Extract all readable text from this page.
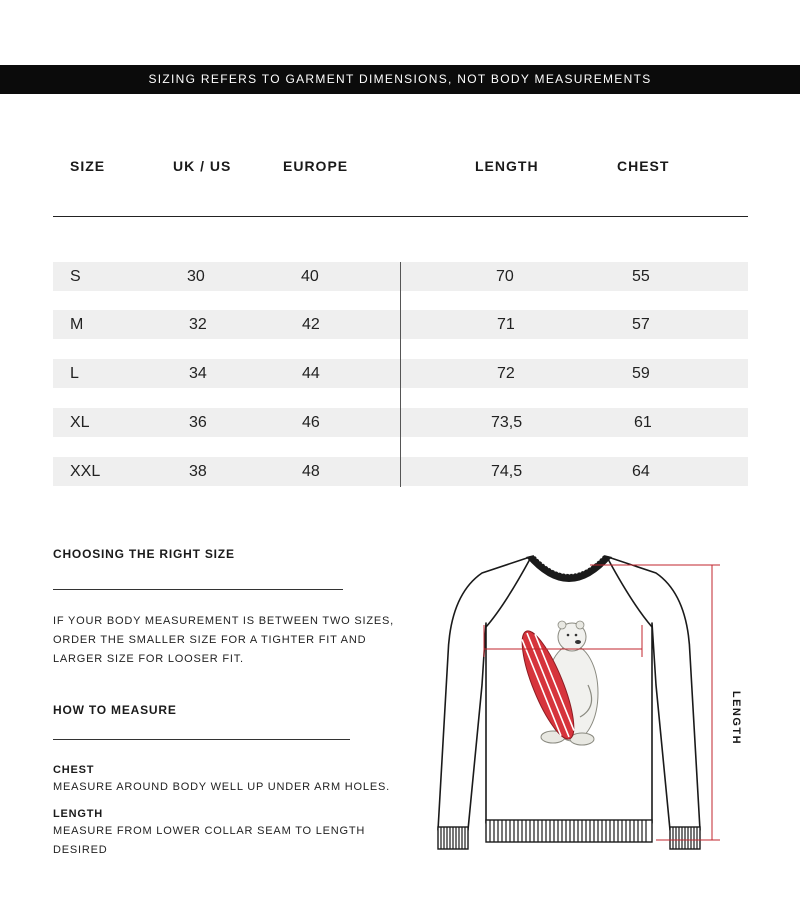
SIZING REFERS TO GARMENT DIMENSIONS, NOT BODY MEASUREMENTS
SIZE	UK / US	EUROPE	LENGTH	CHEST
S	30	40	70	55
M	32	42	71	57
L	34	44	72	59
XL	36	46	73,5	61
XXL	38	48	74,5	64
CHOOSING THE RIGHT SIZE
IF YOUR BODY MEASUREMENT IS BETWEEN TWO SIZES,
ORDER THE SMALLER SIZE FOR A TIGHTER FIT AND
LARGER SIZE FOR LOOSER FIT.
HOW TO MEASURE
CHEST
MEASURE AROUND BODY WELL UP UNDER ARM HOLES.
LENGTH
MEASURE FROM LOWER COLLAR SEAM TO LENGTH
DESIRED
LENGTH
